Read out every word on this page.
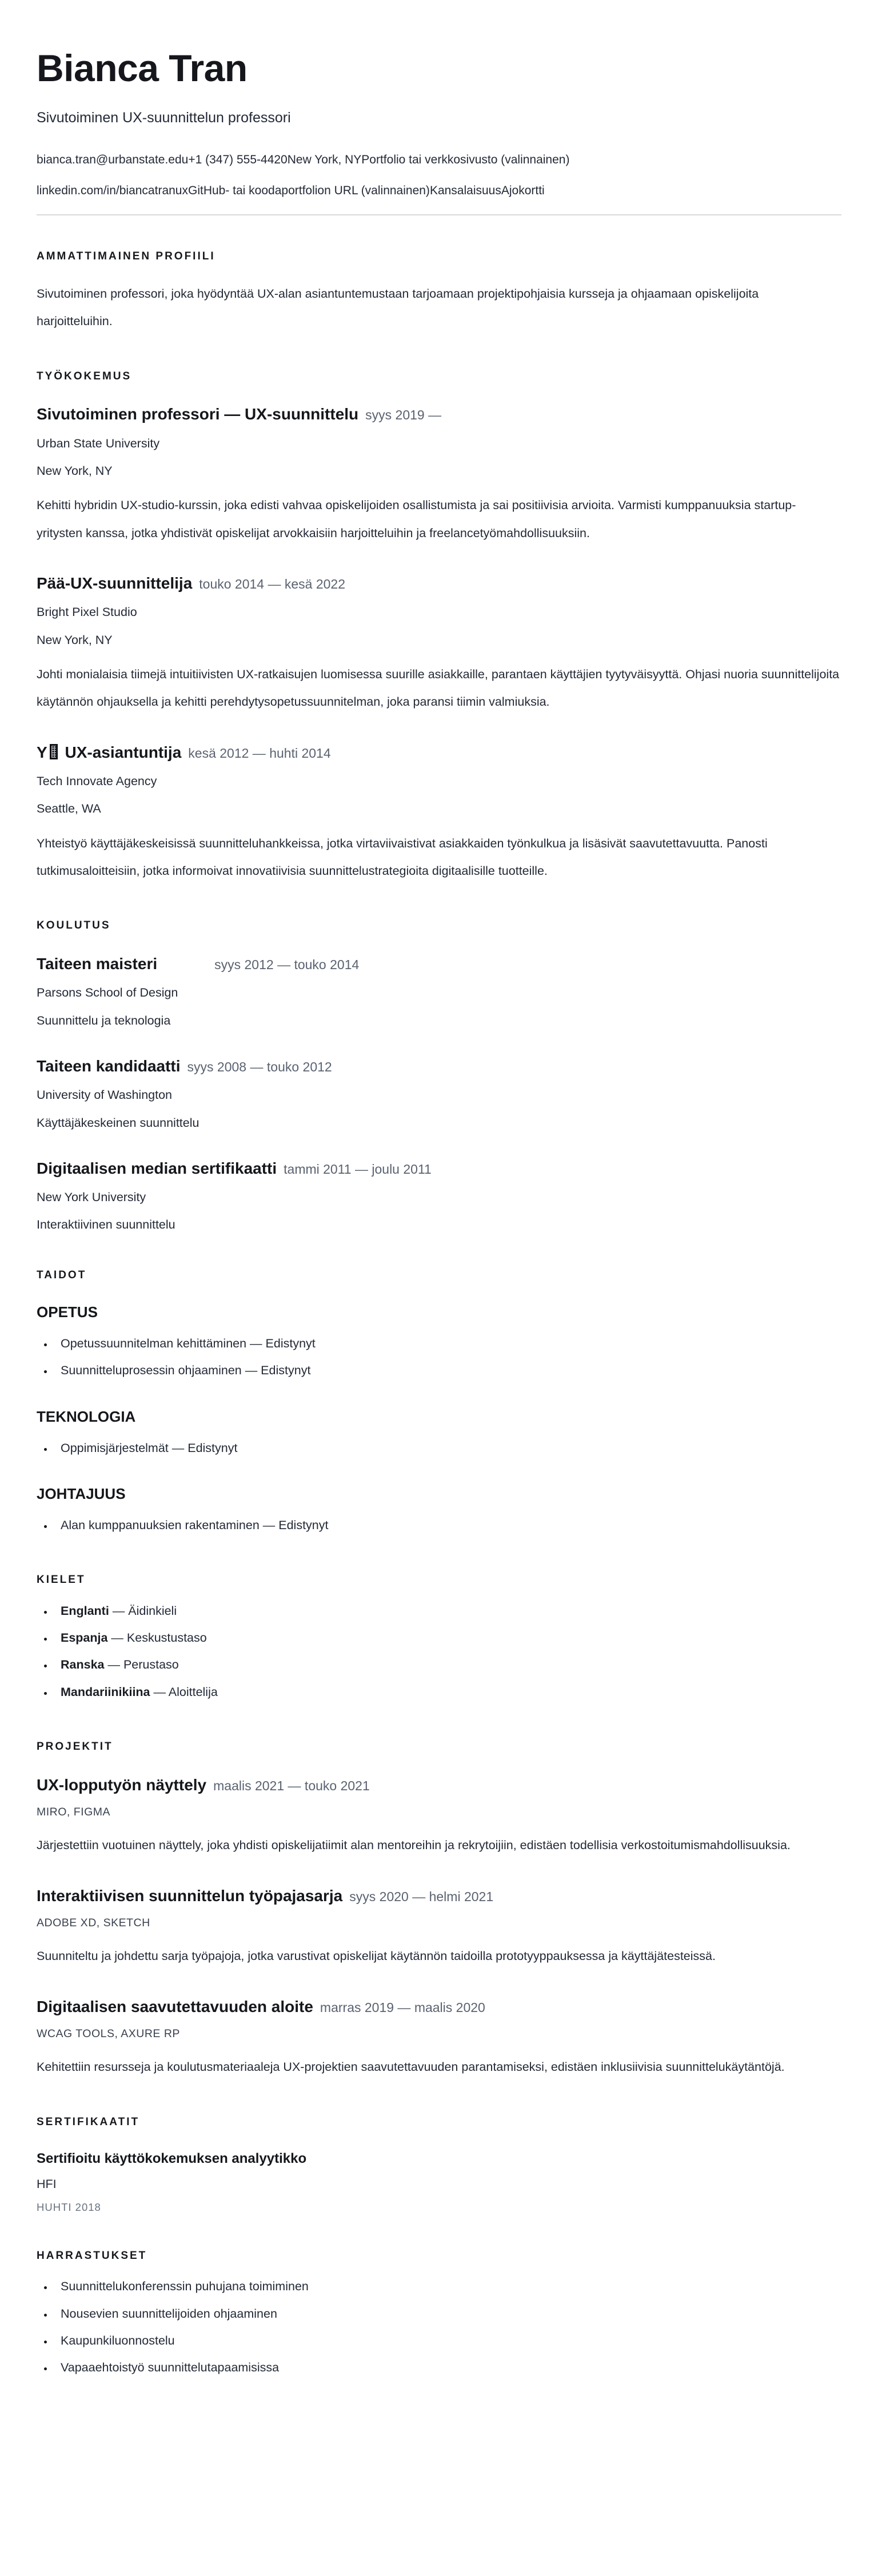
Bianca Tran

Sivutoiminen UX-suunnittelun professori

bianca.tran@urbanstate.edu+1 (347) 555-4420New York, NYPortfolio tai verkkosivusto (valinnainen)

linkedin.com/in/biancatranuxGitHub- tai koodaportfolion URL (valinnainen)KansalaisuusAjokortti

AMMATTIMAINEN PROFIILI

Sivutoiminen professori, joka hyödyntää UX-alan asiantuntemustaan tarjoamaan projektipohjaisia kursseja ja ohjaamaan opiskelijoita harjoitteluihin.

TYÖKOKEMUS

Sivutoiminen professori — UX-suunnittelu syys 2019 —

Urban State University

New York, NY

Kehitti hybridin UX-studio-kurssin, joka edisti vahvaa opiskelijoiden osallistumista ja sai positiivisia arvioita. Varmisti kumppanuuksia startup-yritysten kanssa, jotka yhdistivät opiskelijat arvokkaisiin harjoitteluihin ja freelancetyömahdollisuuksiin.

Pää-UX-suunnittelija touko 2014 — kesä 2022

Bright Pixel Studio

New York, NY

Johti monialaisia tiimejä intuitiivisten UX-ratkaisujen luomisessa suurille asiakkaille, parantaen käyttäjien tyytyväisyyttä. Ohjasi nuoria suunnittelijoita käytännön ohjauksella ja kehitti perehdytysopetussuunnitelman, joka paransi tiimin valmiuksia.

Y UX-asiantuntija kesä 2012 — huhti 2014

Tech Innovate Agency

Seattle, WA

Yhteistyö käyttäjäkeskeisissä suunnitteluhankkeissa, jotka virtaviivaistivat asiakkaiden työnkulkua ja lisäsivät saavutettavuutta. Panosti tutkimusaloitteisiin, jotka informoivat innovatiivisia suunnittelustrategioita digitaalisille tuotteille.

KOULUTUS

Taiteen maisteri	syys 2012 — touko 2014

Parsons School of Design

Suunnittelu ja teknologia

Taiteen kandidaatti syys 2008 — touko 2012

University of Washington

Käyttäjäkeskeinen suunnittelu

Digitaalisen median sertifikaatti tammi 2011 — joulu 2011

New York University

Interaktiivinen suunnittelu

TAIDOT
OPETUS
• Opetussuunnitelman kehittäminen — Edistynyt
• Suunnitteluprosessin ohjaaminen — Edistynyt
TEKNOLOGIA
• Oppimisjärjestelmät — Edistynyt
JOHTAJUUS
• Alan kumppanuuksien rakentaminen — Edistynyt
KIELET
• Englanti — Äidinkieli
• Espanja — Keskustustaso
• Ranska — Perustaso
• Mandariinikiina — Aloittelija
PROJEKTIT

UX-lopputyön näyttely maalis 2021 — touko 2021

MIRO, FIGMA

Järjestettiin vuotuinen näyttely, joka yhdisti opiskelijatiimit alan mentoreihin ja rekrytoijiin, edistäen todellisia verkostoitumismahdollisuuksia.

Interaktiivisen suunnittelun työpajasarja syys 2020 — helmi 2021

ADOBE XD, SKETCH

Suunniteltu ja johdettu sarja työpajoja, jotka varustivat opiskelijat käytännön taidoilla prototyyppauksessa ja käyttäjätesteissä.

Digitaalisen saavutettavuuden aloite marras 2019 — maalis 2020

WCAG TOOLS, AXURE RP

Kehitettiin resursseja ja koulutusmateriaaleja UX-projektien saavutettavuuden parantamiseksi, edistäen inklusiivisia suunnittelukäytäntöjä.

SERTIFIKAATIT

Sertifioitu käyttökokemuksen analyytikko

HFI

HUHTI 2018

HARRASTUKSET
• Suunnittelukonferenssin puhujana toimiminen
• Nousevien suunnittelijoiden ohjaaminen
• Kaupunkiluonnostelu
• Vapaaehtoistyö suunnittelutapaamisissa
